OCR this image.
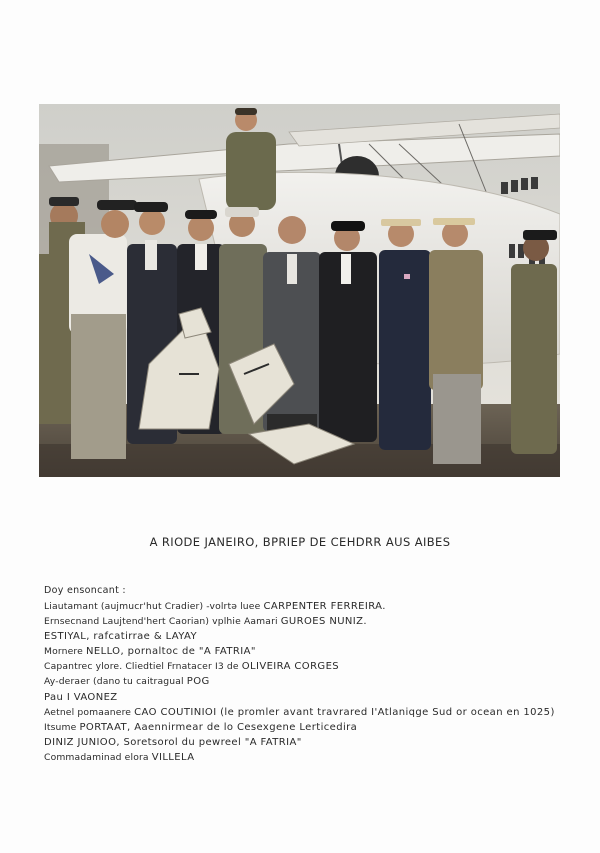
A RIODE JANEIRO, BPRIEP DE CEHDRR AUS AIBES
Doy ensoncant :
Liautamant (aujmucr'hut Cradier) -volrtə luee CARPENTER FERREIRA.
Ernsecnand Laujtend'hert Caorian) vplhie Aamari GUROES NUNIZ.
ESTIYAL, rafcatirrae & LAYAY
Mornere NELLO, pornaltoc de "A FATRIA"
Capantrec ylore. Cliedtiel Frnatacer I3 de OLIVEIRA CORGES
Ay-deraer (dano tu caitragual POG
Pau I VAONEZ
Aetnel pomaanere CAO COUTINIOI (le promler avant travrared I'Atlaniqge Sud or ocean en 1025)
Itsume PORTAAT, Aaennirmear de lo Cesexgene Lerticedira
DINIZ JUNIOO, Soretsorol du pewreel "A FATRIA"
Commadaminad elora VILLELA
